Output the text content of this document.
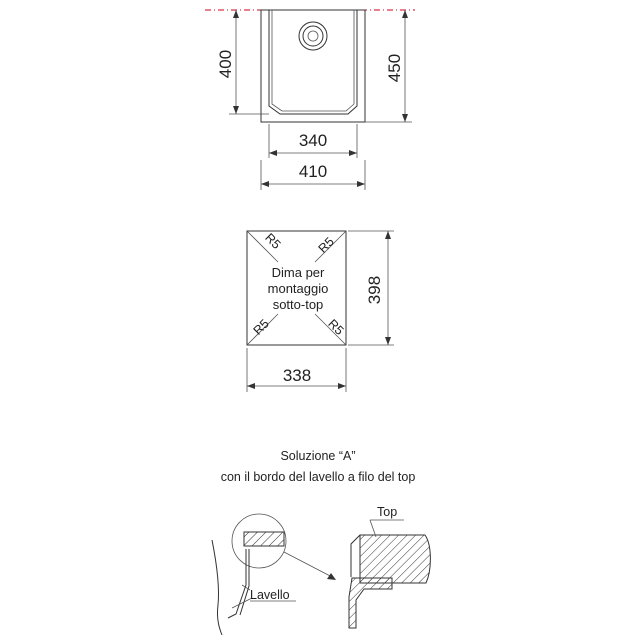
340
410
400	450
R5	R5
R5	R5
Dima per
montaggio
sotto-top
398
338
Soluzione “A”
con il bordo del lavello a filo del top
Lavello
Top
